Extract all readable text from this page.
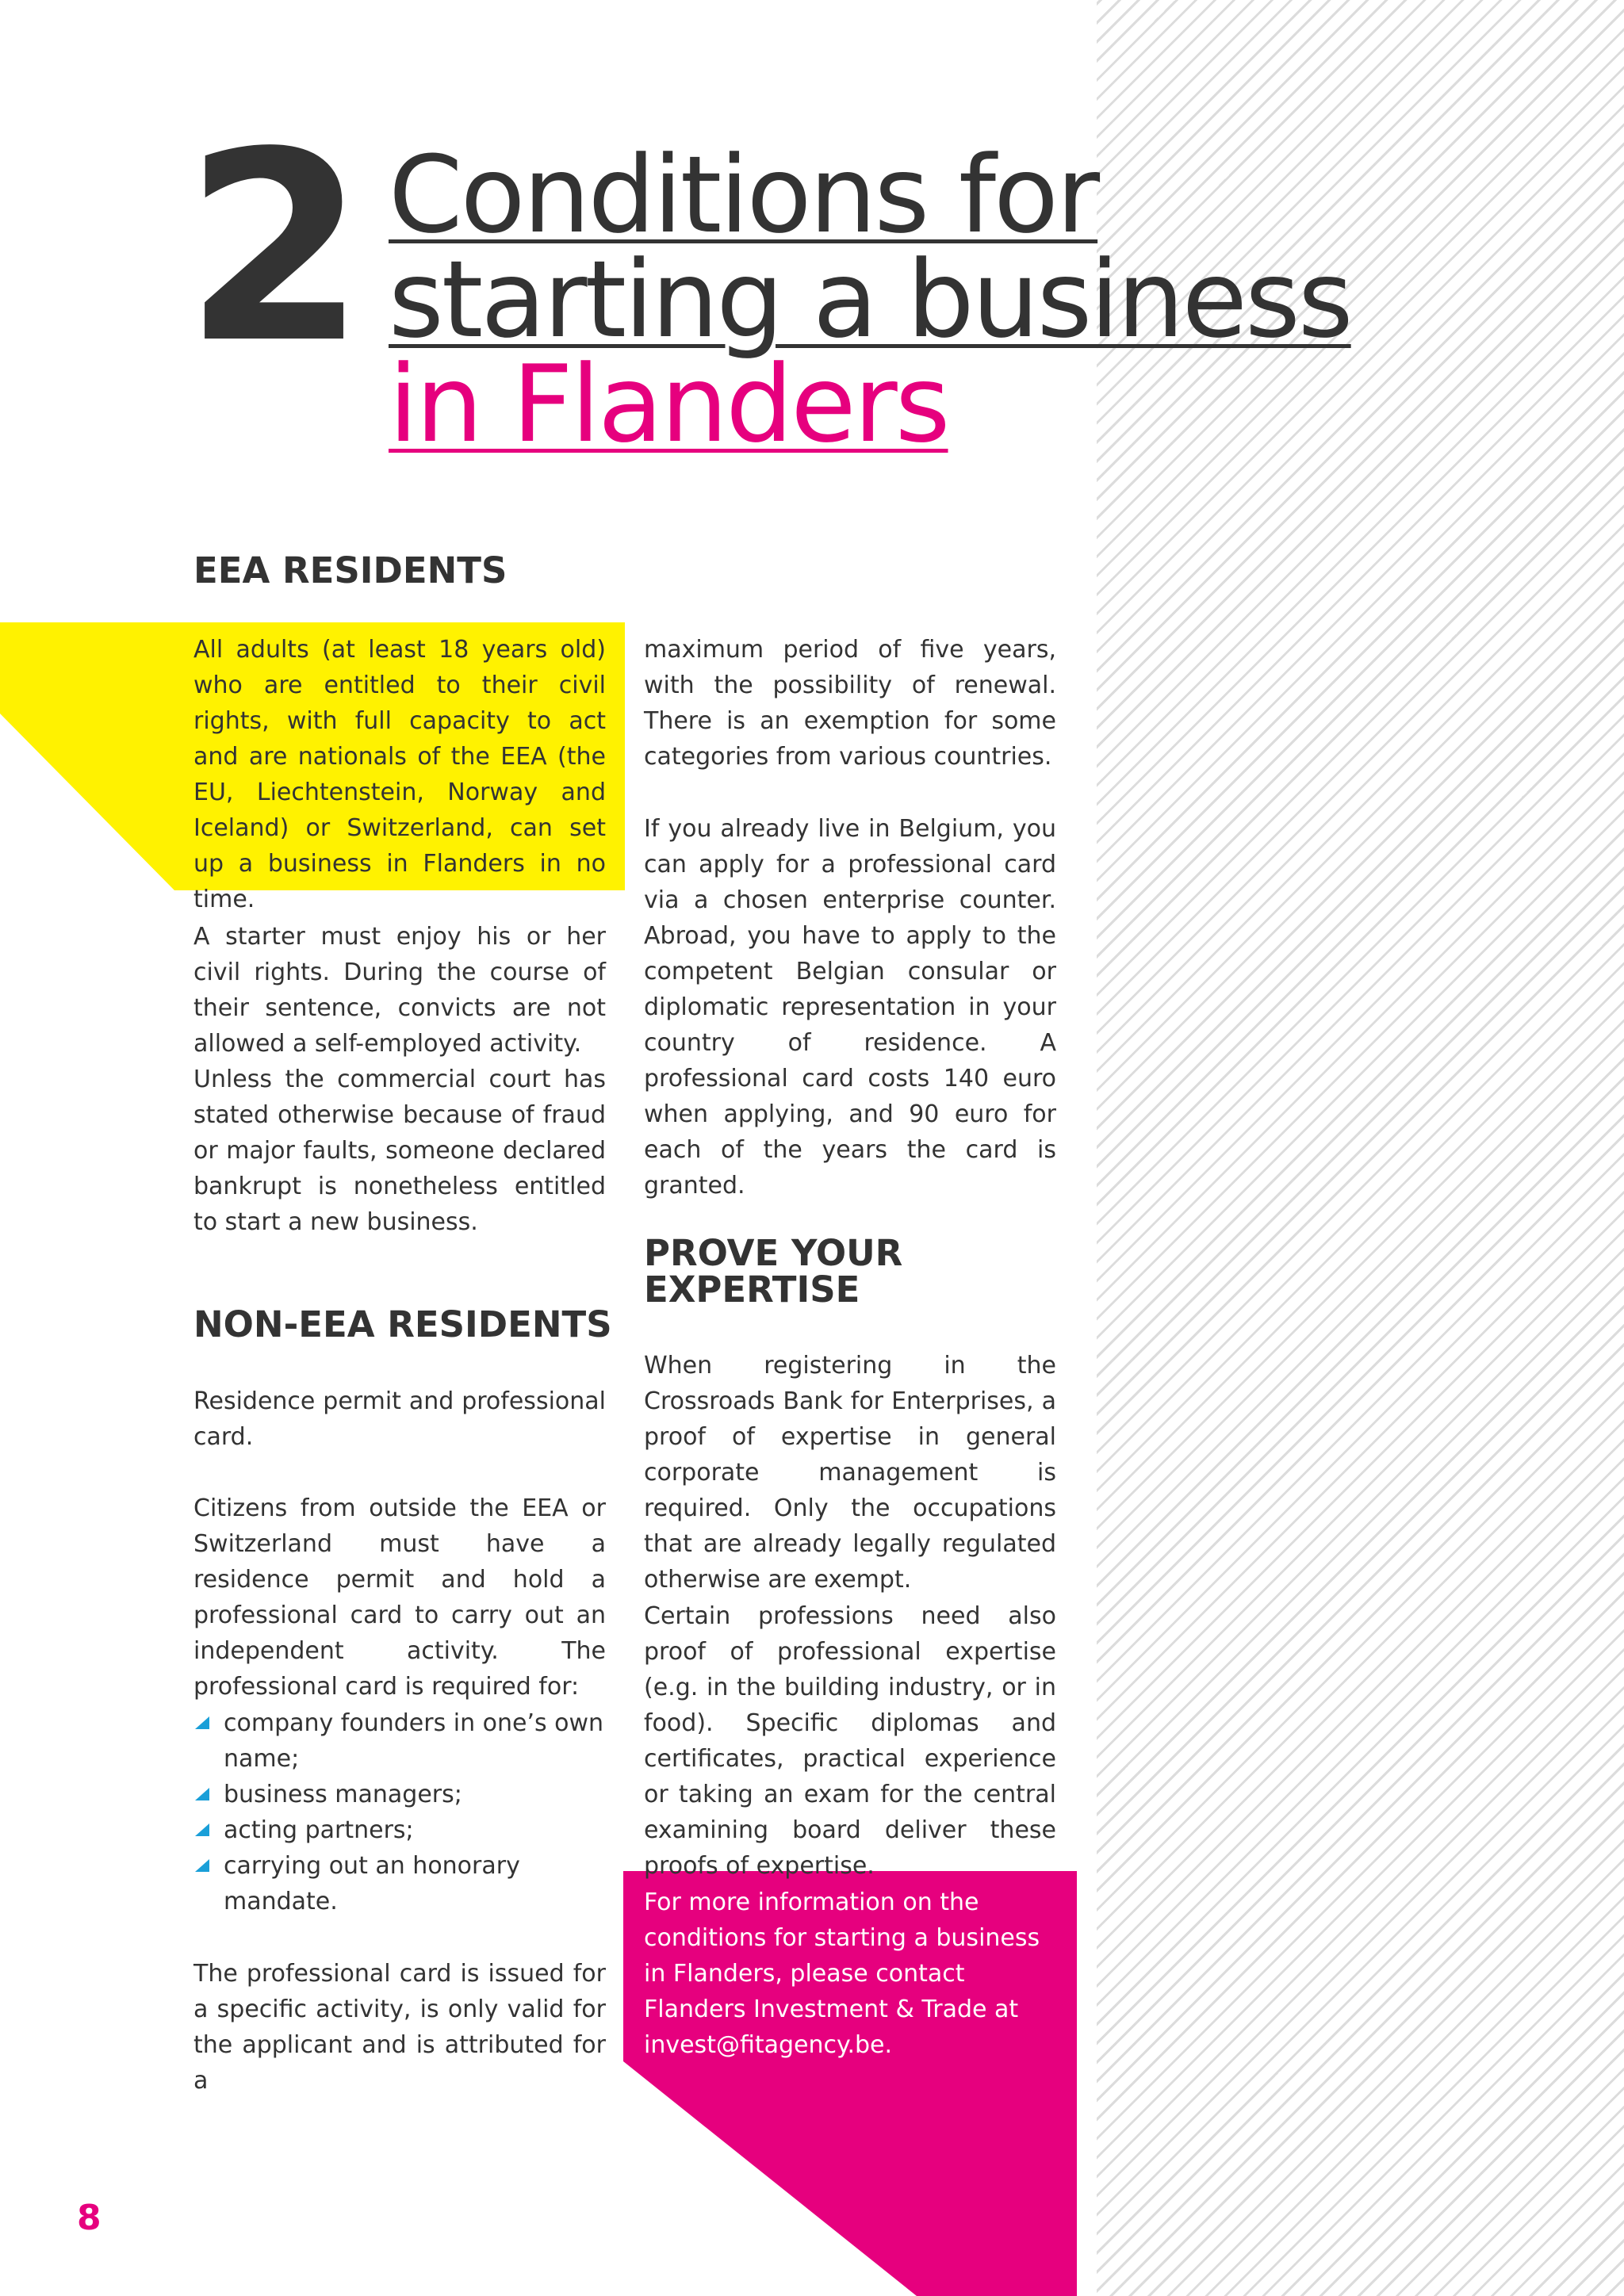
2 Conditions for
starting a business
in Flanders
EEA RESIDENTS
All adults (at least 18 years old) who are entitled to their civil rights, with full capacity to act and are nationals of the EEA (the EU, Liechtenstein, Norway and Iceland) or Switzerland, can set up a business in Flanders in no time.
A starter must enjoy his or her civil rights. During the course of their sentence, convicts are not allowed a self-employed activity.
Unless the commercial court has stated otherwise because of fraud or major faults, someone declared bankrupt is nonetheless entitled to start a new business.
NON-EEA RESIDENTS
Residence permit and professional card.
Citizens from outside the EEA or Switzerland must have a residence permit and hold a professional card to carry out an independent activity. The professional card is required for:
company founders in one’s own name;
business managers;
acting partners;
carrying out an honorary mandate.
The professional card is issued for a specific activity, is only valid for the applicant and is attributed for a
maximum period of five years, with the possibility of renewal. There is an exemption for some categories from various countries.
If you already live in Belgium, you can apply for a professional card via a chosen enterprise counter. Abroad, you have to apply to the competent Belgian consular or diplomatic representation in your country of residence. A professional card costs 140 euro when applying, and 90 euro for each of the years the card is granted.
PROVE YOUR
EXPERTISE
When registering in the Crossroads Bank for Enterprises, a proof of expertise in general corporate management is required. Only the occupations that are already legally regulated otherwise are exempt.
Certain professions need also proof of professional expertise (e.g. in the building industry, or in food). Specific diplomas and certificates, practical experience or taking an exam for the central examining board deliver these proofs of expertise.
For more information on the
conditions for starting a business
in Flanders, please contact
Flanders Investment & Trade at
invest@fitagency.be.
8
